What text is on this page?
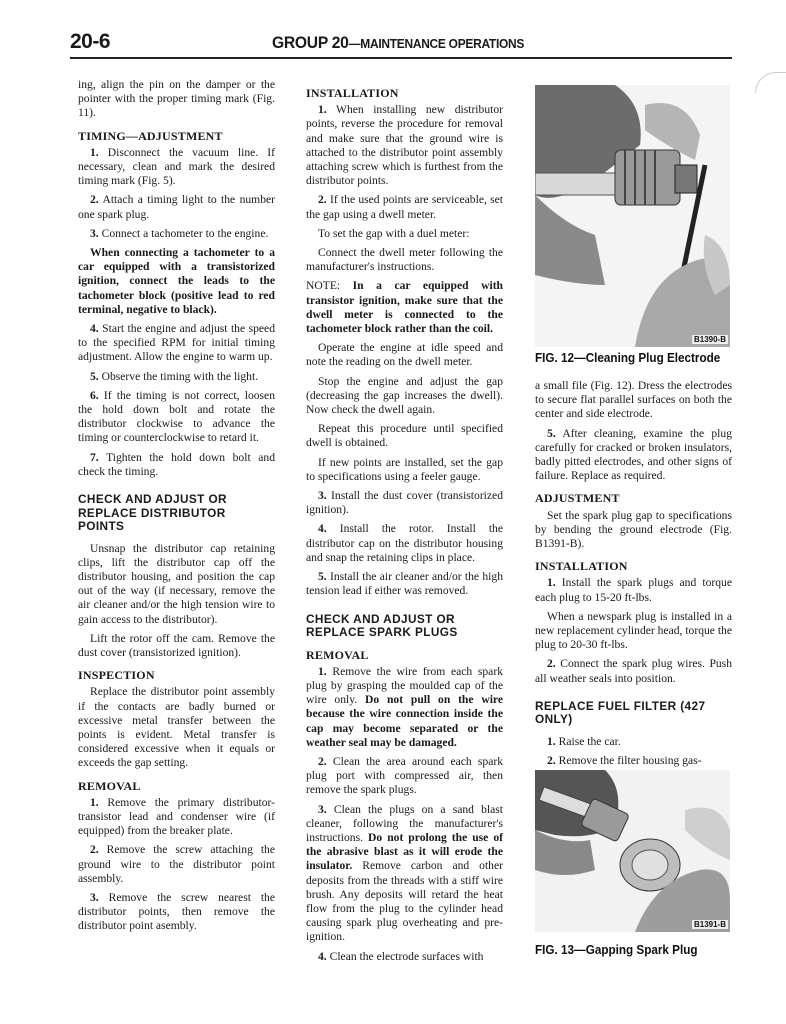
20-6	GROUP 20—MAINTENANCE OPERATIONS

ing, align the pin on the damper or the pointer with the proper timing mark (Fig. 11).

TIMING—ADJUSTMENT

1. Disconnect the vacuum line. If necessary, clean and mark the desired timing mark (Fig. 5).

2. Attach a timing light to the number one spark plug.

3. Connect a tachometer to the engine.

When connecting a tachometer to a car equipped with a transistorized ignition, connect the leads to the tachometer block (positive lead to red terminal, negative to black).

4. Start the engine and adjust the speed to the specified RPM for initial timing adjustment. Allow the engine to warm up.

5. Observe the timing with the light.

6. If the timing is not correct, loosen the hold down bolt and rotate the distributor clockwise to advance the timing or counterclockwise to retard it.

7. Tighten the hold down bolt and check the timing.

CHECK AND ADJUST OR REPLACE DISTRIBUTOR POINTS

Unsnap the distributor cap retaining clips, lift the distributor cap off the distributor housing, and position the cap out of the way (if necessary, remove the air cleaner and/or the high tension wire to gain access to the distributor).

Lift the rotor off the cam. Remove the dust cover (transistorized ignition).

INSPECTION

Replace the distributor point assembly if the contacts are badly burned or excessive metal transfer between the points is evident. Metal transfer is considered excessive when it equals or exceeds the gap setting.

REMOVAL

1. Remove the primary distributor-transistor lead and condenser wire (if equipped) from the breaker plate.

2. Remove the screw attaching the ground wire to the distributor point assembly.

3. Remove the screw nearest the distributor points, then remove the distributor point asembly.

INSTALLATION

1. When installing new distributor points, reverse the procedure for removal and make sure that the ground wire is attached to the distributor point assembly attaching screw which is furthest from the distributor points.

2. If the used points are serviceable, set the gap using a dwell meter.

To set the gap with a duel meter:

Connect the dwell meter following the manufacturer's instructions.

NOTE: In a car equipped with transistor ignition, make sure that the dwell meter is connected to the tachometer block rather than the coil.

Operate the engine at idle speed and note the reading on the dwell meter.

Stop the engine and adjust the gap (decreasing the gap increases the dwell). Now check the dwell again.

Repeat this procedure until specified dwell is obtained.

If new points are installed, set the gap to specifications using a feeler gauge.

3. Install the dust cover (transistorized ignition).

4. Install the rotor. Install the distributor cap on the distributor housing and snap the retaining clips in place.

5. Install the air cleaner and/or the high tension lead if either was removed.

CHECK AND ADJUST OR REPLACE SPARK PLUGS
REMOVAL

1. Remove the wire from each spark plug by grasping the moulded cap of the wire only. Do not pull on the wire because the wire connection inside the cap may become separated or the weather seal may be damaged.

2. Clean the area around each spark plug port with compressed air, then remove the spark plugs.

3. Clean the plugs on a sand blast cleaner, following the manufacturer's instructions. Do not prolong the use of the abrasive blast as it will erode the insulator. Remove carbon and other deposits from the threads with a stiff wire brush. Any deposits will retard the heat flow from the plug to the cylinder head causing spark plug overheating and pre-ignition.

4. Clean the electrode surfaces with

a small file (Fig. 12). Dress the electrodes to secure flat parallel surfaces on both the center and side electrode.

5. After cleaning, examine the plug carefully for cracked or broken insulators, badly pitted electrodes, and other signs of failure. Replace as required.

ADJUSTMENT

Set the spark plug gap to specifications by bending the ground electrode (Fig. B1391-B).

INSTALLATION

1. Install the spark plugs and torque each plug to 15-20 ft-lbs.

When a newspark plug is installed in a new replacement cylinder head, torque the plug to 20-30 ft-lbs.

2. Connect the spark plug wires. Push all weather seals into position.

REPLACE FUEL FILTER (427 ONLY)

1. Raise the car.

2. Remove the filter housing gas-

B1390-B
FIG. 12—Cleaning Plug Electrode
B1391-B
FIG. 13—Gapping Spark Plug
